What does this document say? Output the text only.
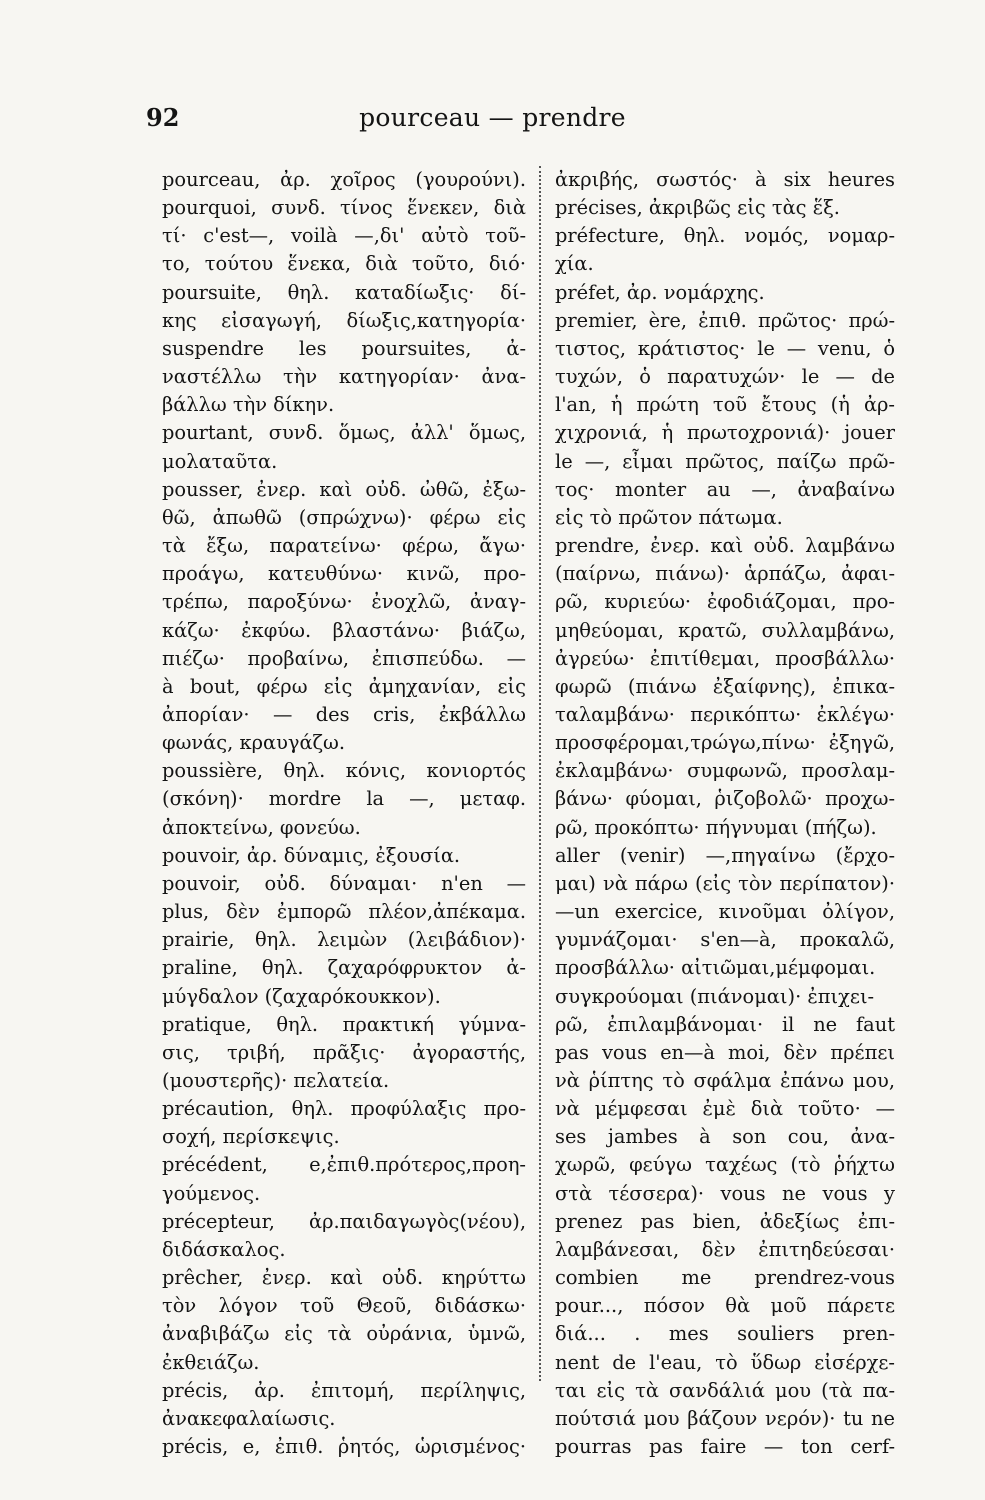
92	pourceau — prendre
pourceau, ἀρ. χοῖρος (γουρούνι).
pourquoi, συνδ. τίνος ἕνεκεν, διὰ
τί· c'est—, voilà —,δι' αὐτὸ τοῦ-
το, τούτου ἕνεκα, διὰ τοῦτο, διό·
poursuite, θηλ. καταδίωξις· δί-
κης εἰσαγωγή, δίωξις,κατηγορία·
suspendre les poursuites, ἀ-
ναστέλλω τὴν κατηγορίαν· ἀνα-
βάλλω τὴν δίκην.
pourtant, συνδ. ὅμως, ἀλλ' ὅμως,
μολαταῦτα.
pousser, ἐνερ. καὶ οὐδ. ὠθῶ, ἐξω-
θῶ, ἀπωθῶ (σπρώχνω)· φέρω εἰς
τὰ ἔξω, παρατείνω· φέρω, ἄγω·
προάγω, κατευθύνω· κινῶ, προ-
τρέπω, παροξύνω· ἐνοχλῶ, ἀναγ-
κάζω· ἐκφύω. βλαστάνω· βιάζω,
πιέζω· προβαίνω, ἐπισπεύδω. —
à bout, φέρω εἰς ἀμηχανίαν, εἰς
ἀπορίαν· — des cris, ἐκβάλλω
φωνάς, κραυγάζω.
poussière, θηλ. κόνις, κονιορτός
(σκόνη)· mordre la —, μεταφ.
ἀποκτείνω, φονεύω.
pouvoir, ἀρ. δύναμις, ἐξουσία.
pouvoir, οὐδ. δύναμαι· n'en —
plus, δὲν ἐμπορῶ πλέον,ἀπέκαμα.
prairie, θηλ. λειμὼν (λειβάδιον)·
praline, θηλ. ζαχαρόφρυκτον ἀ-
μύγδαλον (ζαχαρόκουκκον).
pratique, θηλ. πρακτική γύμνα-
σις, τριβή, πρᾶξις· ἀγοραστής,
(μουστερῆς)· πελατεία.
précaution, θηλ. προφύλαξις προ-
σοχή, περίσκεψις.
précédent, e,ἐπιθ.πρότερος,προη-
γούμενος.
précepteur, ἀρ.παιδαγωγὸς(νέου),
διδάσκαλος.
prêcher, ἐνερ. καὶ οὐδ. κηρύττω
τὸν λόγον τοῦ Θεοῦ, διδάσκω·
ἀναβιβάζω εἰς τὰ οὐράνια, ὑμνῶ,
ἐκθειάζω.
précis, ἀρ. ἐπιτομή, περίληψις,
ἀνακεφαλαίωσις.
précis, e, ἐπιθ. ῥητός, ὡρισμένος·
ἀκριβής, σωστός· à six heures
précises, ἀκριβῶς εἰς τὰς ἕξ.
préfecture, θηλ. νομός, νομαρ-
χία.
préfet, ἀρ. νομάρχης.
premier, ère, ἐπιθ. πρῶτος· πρώ-
τιστος, κράτιστος· le — venu, ὁ
τυχών, ὁ παρατυχών· le — de
l'an, ἡ πρώτη τοῦ ἔτους (ἡ ἀρ-
χιχρονιά, ἡ πρωτοχρονιά)· jouer
le —, εἶμαι πρῶτος, παίζω πρῶ-
τος· monter au —, ἀναβαίνω
εἰς τὸ πρῶτον πάτωμα.
prendre, ἐνερ. καὶ οὐδ. λαμβάνω
(παίρνω, πιάνω)· ἁρπάζω, ἀφαι-
ρῶ, κυριεύω· ἐφοδιάζομαι, προ-
μηθεύομαι, κρατῶ, συλλαμβάνω,
ἀγρεύω· ἐπιτίθεμαι, προσβάλλω·
φωρῶ (πιάνω ἐξαίφνης), ἐπικα-
ταλαμβάνω· περικόπτω· ἐκλέγω·
προσφέρομαι,τρώγω,πίνω· ἐξηγῶ,
ἐκλαμβάνω· συμφωνῶ, προσλαμ-
βάνω· φύομαι, ῥιζοβολῶ· προχω-
ρῶ, προκόπτω· πήγνυμαι (πήζω).
aller (venir) —,πηγαίνω (ἔρχο-
μαι) νὰ πάρω (εἰς τὸν περίπατον)·
—un exercice, κινοῦμαι ὀλίγον,
γυμνάζομαι· s'en—à, προκαλῶ,
προσβάλλω· αἰτιῶμαι,μέμφομαι.
συγκρούομαι (πιάνομαι)· ἐπιχει-
ρῶ, ἐπιλαμβάνομαι· il ne faut
pas vous en—à moi, δὲν πρέπει
νὰ ῥίπτης τὸ σφάλμα ἐπάνω μου,
νὰ μέμφεσαι ἐμὲ διὰ τοῦτο· —
ses jambes à son cou, ἀνα-
χωρῶ, φεύγω ταχέως (τὸ ῥήχτω
στὰ τέσσερα)· vous ne vous y
prenez pas bien, ἀδεξίως ἐπι-
λαμβάνεσαι, δὲν ἐπιτηδεύεσαι·
combien me prendrez-vous
pour..., πόσον θὰ μοῦ πάρετε
διά... . mes souliers pren-
nent de l'eau, τὸ ὕδωρ εἰσέρχε-
ται εἰς τὰ σανδάλιά μου (τὰ πα-
πούτσιά μου βάζουν νερόν)· tu ne
pourras pas faire — ton cerf-
